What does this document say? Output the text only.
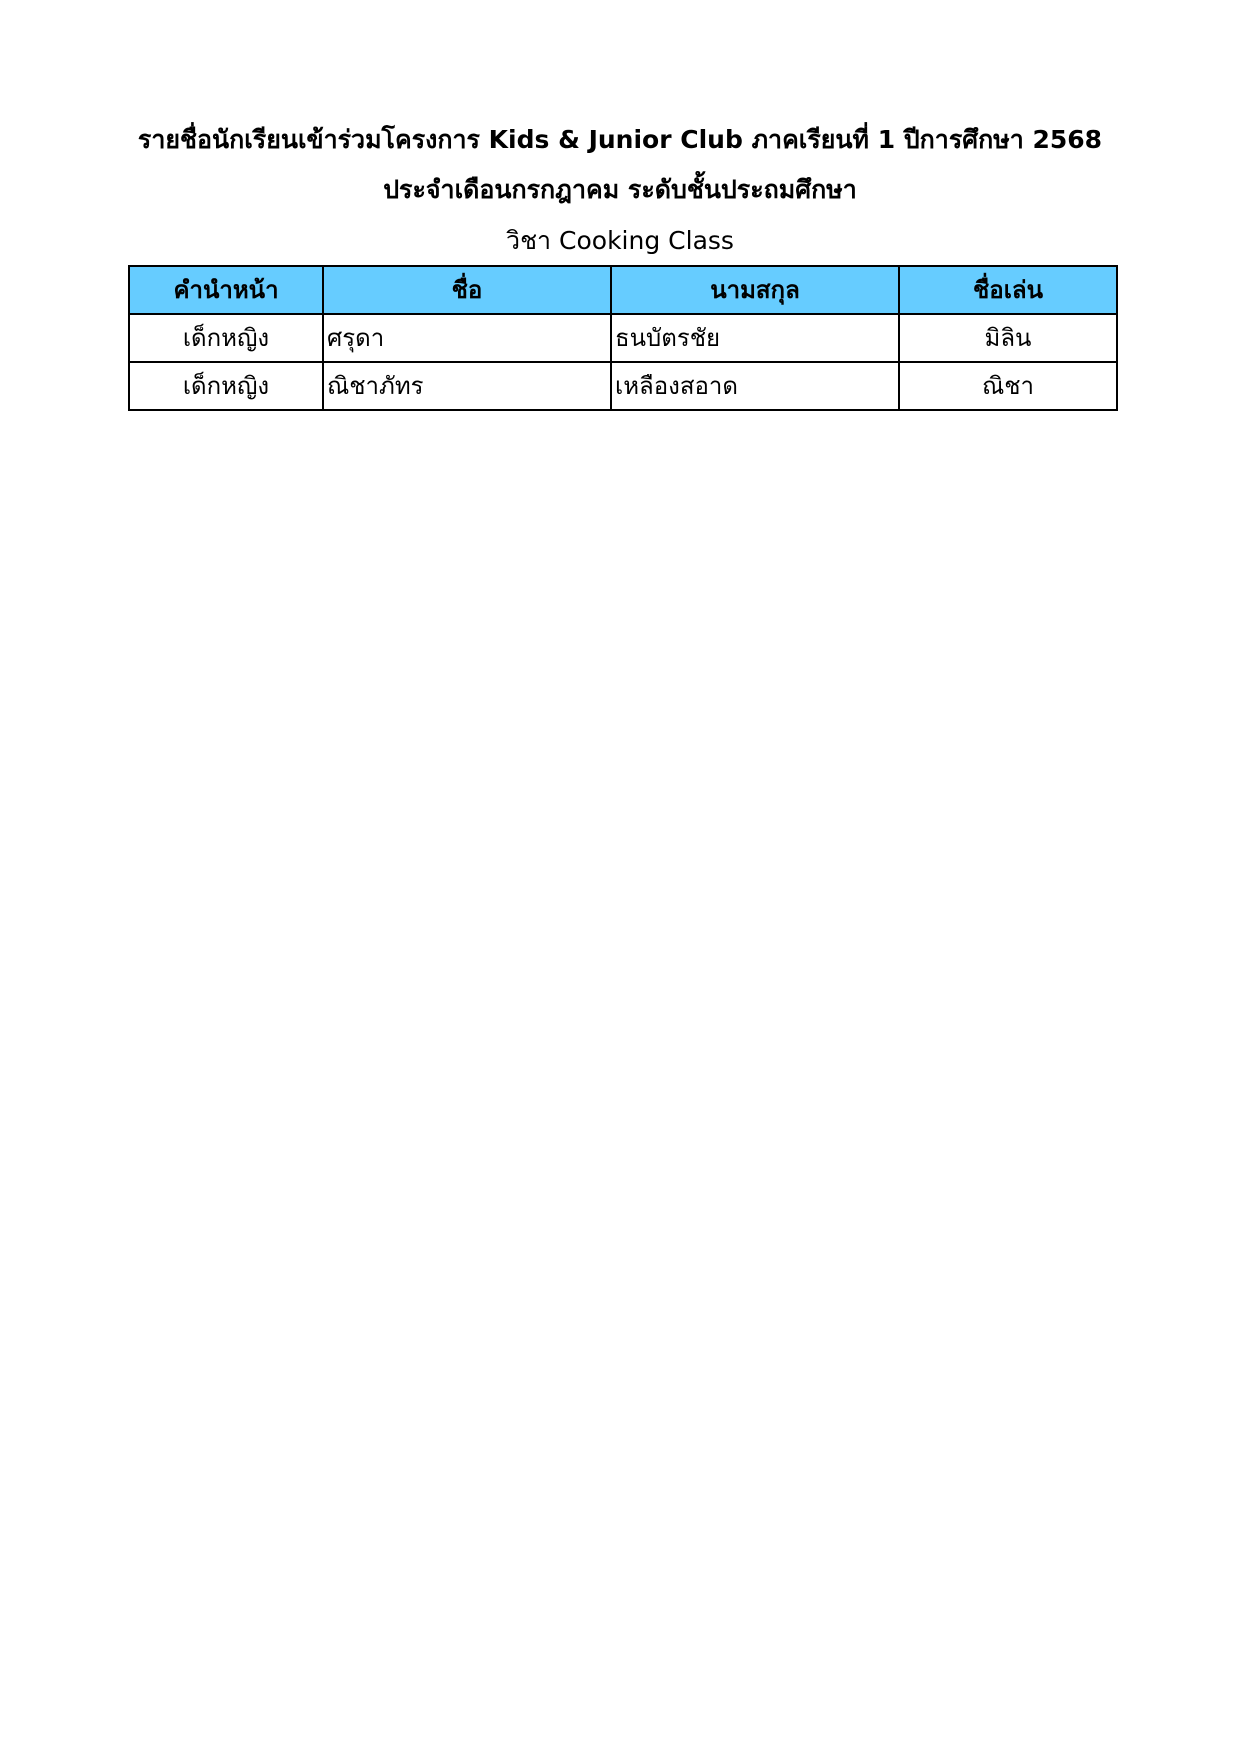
รายชื่อนักเรียนเข้าร่วมโครงการ Kids & Junior Club ภาคเรียนที่ 1 ปีการศึกษา 2568
ประจำเดือนกรกฎาคม ระดับชั้นประถมศึกษา
วิชา Cooking Class
คำนำหน้า	ชื่อ	นามสกุล	ชื่อเล่น
เด็กหญิง	ศรุดา	ธนบัตรชัย	มิลิน
เด็กหญิง	ณิชาภัทร	เหลืองสอาด	ณิชา
